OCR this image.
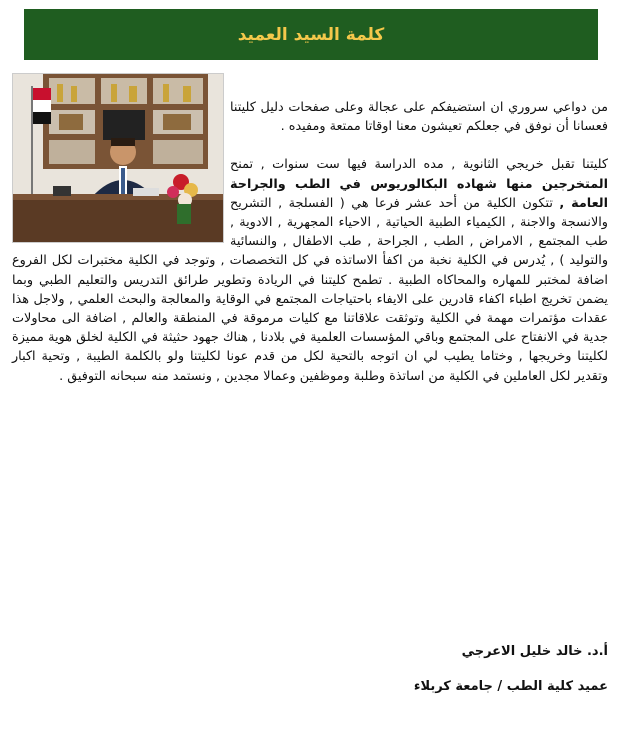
كلمة السيد العميد

من دواعي سروري ان استضيفكم على عجالة وعلى صفحات دليل كليتنا فعسانا أن نوفق في جعلكم تعيشون معنا اوقاتا ممتعة ومفيده .

كليتنا تقبل خريجي الثانوية , مده الدراسة فيها ست سنوات , تمنح المتخرجين منها شهاده البكالوريوس في الطب والجراحة العامة , تتكون الكلية من أحد عشر فرعا هي ( الفسلجة , التشريح والانسجة والاجنة , الكيمياء الطبية الحياتية , الاحياء المجهرية , الادوية , طب المجتمع , الامراض , الطب , الجراحة , طب الاطفال , والنسائية والتوليد ) , يُدرس في الكلية نخبة من اكفأ الاساتذه في كل التخصصات , وتوجد في الكلية مختبرات لكل الفروع اضافة لمختبر للمهاره والمحاكاه الطبية . تطمح كليتنا في الريادة وتطوير طرائق التدريس والتعليم الطبي وبما يضمن تخريج اطباء اكفاء قادرين على الايفاء باحتياجات المجتمع في الوقاية والمعالجة والبحث العلمي , ولاجل هذا عقدات مؤتمرات مهمة في الكلية وتوثقت علاقاتنا مع كليات مرموقة في المنطقة والعالم , اضافة الى محاولات جدية في الانفتاح على المجتمع وباقي المؤسسات العلمية في بلادنا , هناك جهود حثيثة في الكلية لخلق هوية مميزة لكليتنا وخريجها , وختاما يطيب لي ان اتوجه بالتحية لكل من قدم عونا لكليتنا ولو بالكلمة الطيبة , وتحية اكبار وتقدير لكل العاملين في الكلية من اساتذة وطلبة وموظفين وعمالا مجدين , ونستمد منه سبحانه التوفيق .

أ.د. خالد خليل الاعرجي
عميد كلية الطب / جامعة كربلاء
